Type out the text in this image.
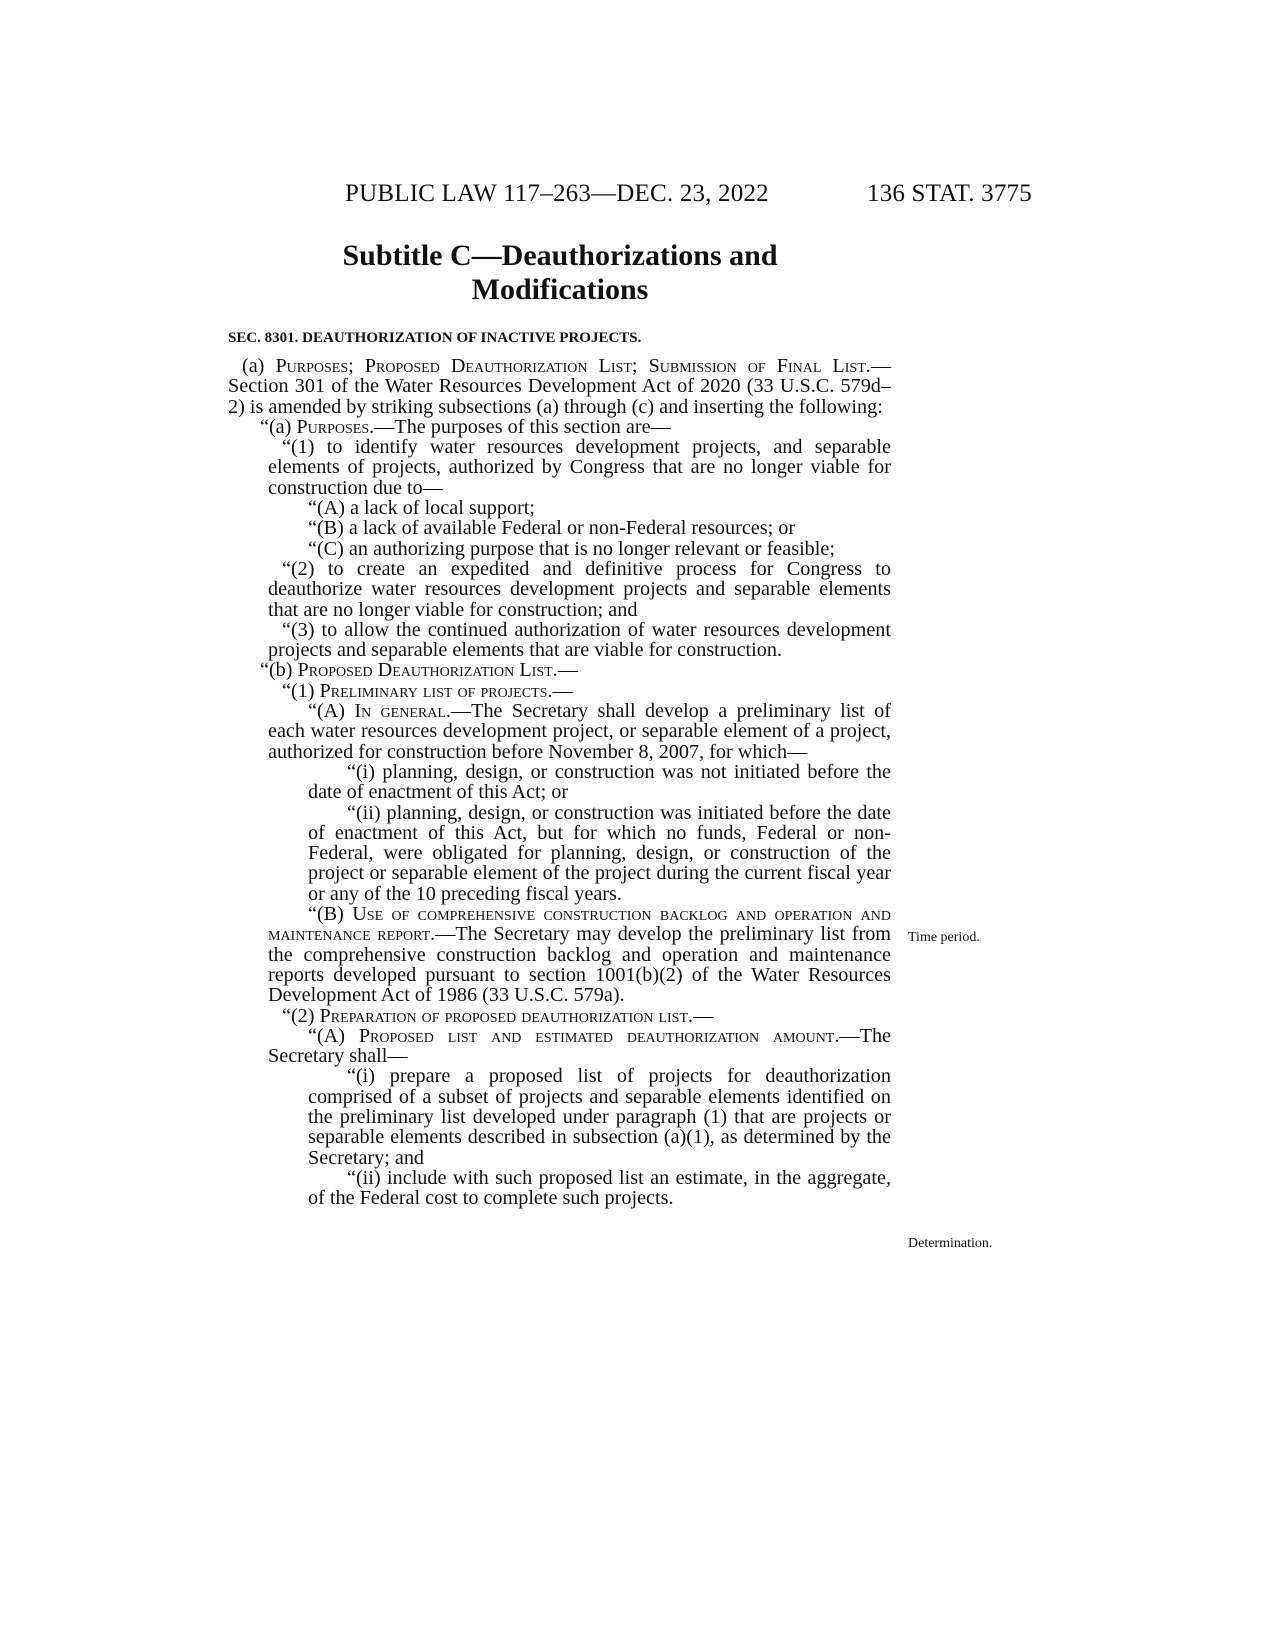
PUBLIC LAW 117–263—DEC. 23, 2022	136 STAT. 3775
Subtitle C—Deauthorizations and Modifications
SEC. 8301. DEAUTHORIZATION OF INACTIVE PROJECTS.

(a) Purposes; Proposed Deauthorization List; Submission of Final List.—Section 301 of the Water Resources Development Act of 2020 (33 U.S.C. 579d–2) is amended by striking subsections (a) through (c) and inserting the following:

“(a) Purposes.—The purposes of this section are—

“(1) to identify water resources development projects, and separable elements of projects, authorized by Congress that are no longer viable for construction due to—

“(A) a lack of local support;

“(B) a lack of available Federal or non-Federal resources; or

“(C) an authorizing purpose that is no longer relevant or feasible;

“(2) to create an expedited and definitive process for Congress to deauthorize water resources development projects and separable elements that are no longer viable for construction; and

“(3) to allow the continued authorization of water resources development projects and separable elements that are viable for construction.

“(b) Proposed Deauthorization List.—

“(1) Preliminary list of projects.—

“(A) In general.—The Secretary shall develop a preliminary list of each water resources development project, or separable element of a project, authorized for construction before November 8, 2007, for which—

“(i) planning, design, or construction was not initiated before the date of enactment of this Act; or

“(ii) planning, design, or construction was initiated before the date of enactment of this Act, but for which no funds, Federal or non-Federal, were obligated for planning, design, or construction of the project or separable element of the project during the current fiscal year or any of the 10 preceding fiscal years.

“(B) Use of comprehensive construction backlog and operation and maintenance report.—The Secretary may develop the preliminary list from the comprehensive construction backlog and operation and maintenance reports developed pursuant to section 1001(b)(2) of the Water Resources Development Act of 1986 (33 U.S.C. 579a).

“(2) Preparation of proposed deauthorization list.—

“(A) Proposed list and estimated deauthorization amount.—The Secretary shall—

“(i) prepare a proposed list of projects for deauthorization comprised of a subset of projects and separable elements identified on the preliminary list developed under paragraph (1) that are projects or separable elements described in subsection (a)(1), as determined by the Secretary; and

“(ii) include with such proposed list an estimate, in the aggregate, of the Federal cost to complete such projects.

Time period.
Determination.
